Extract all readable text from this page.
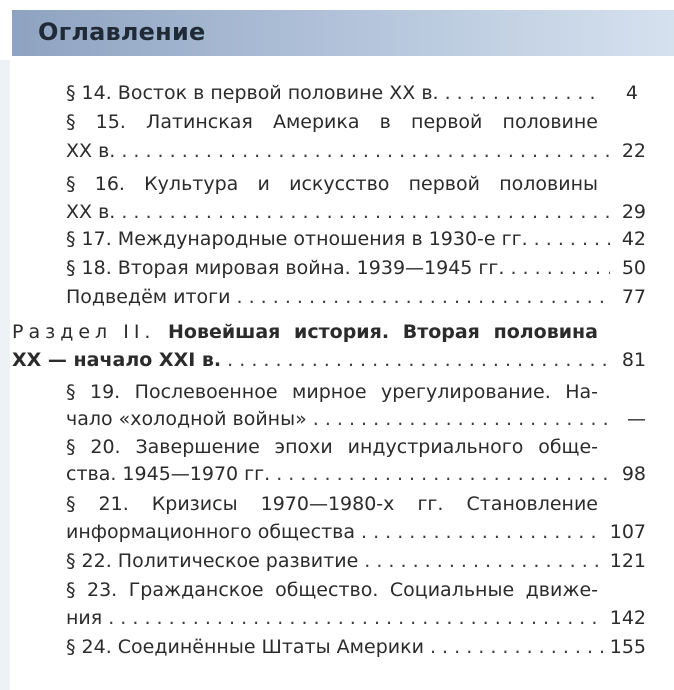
Оглавление
§ 14. Восток в первой половине XX в. . . .	4
§ 15. Латинская Америка в первой половине
XX в. . . .	22
§ 16. Культура и искусство первой половины
XX в. . . .	29
§ 17. Международные отношения в 1930-е гг. . . .	42
§ 18. Вторая мировая война. 1939—1945 гг. . . .	50
Подведём итоги . . .	77
Раздел II. Новейшая история. Вторая половина
XX — начало XXI в. . . .	81
§ 19. Послевоенное мирное урегулирование. На-
чало «холодной войны» . . .	—
§ 20. Завершение эпохи индустриального обще-
ства. 1945—1970 гг. . . .	98
§ 21. Кризисы 1970—1980-х гг. Становление
информационного общества . . .	107
§ 22. Политическое развитие . . .	121
§ 23. Гражданское общество. Социальные движе-
ния . . .	142
§ 24. Соединённые Штаты Америки . . .	155
